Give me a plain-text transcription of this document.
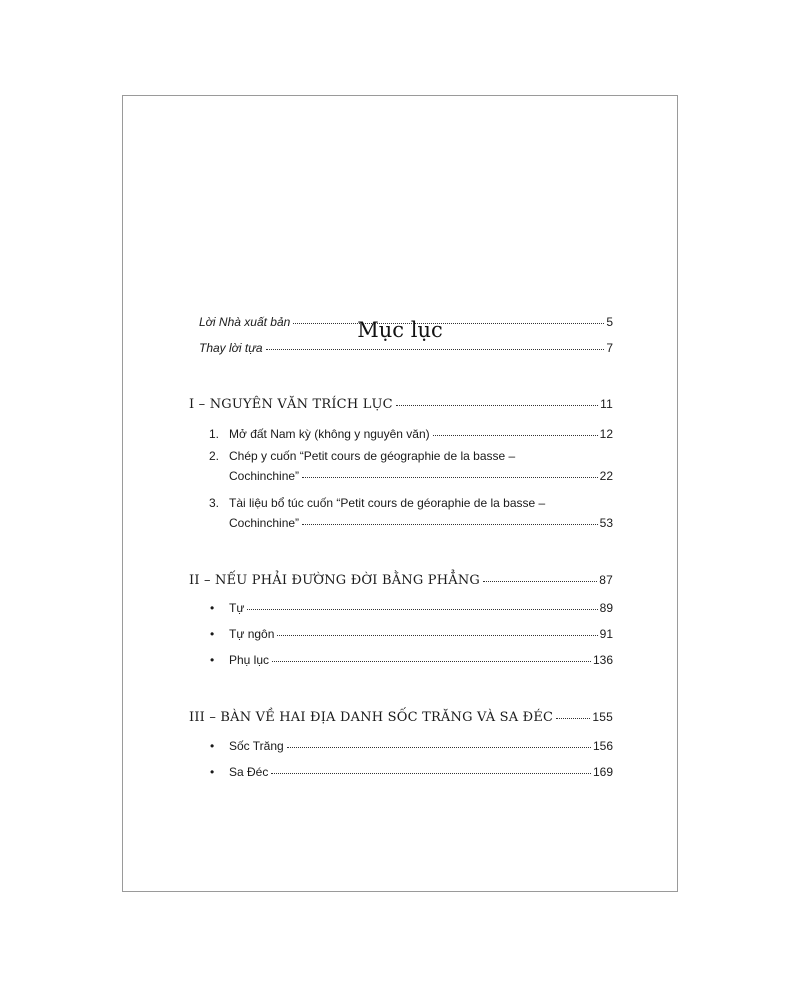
Mục lục
Lời Nhà xuất bản	5
Thay lời tựa	7
I – NGUYÊN VĂN TRÍCH LỤC	11
1. Mở đất Nam kỳ (không y nguyên văn)	12
2. Chép y cuốn “Petit cours de géographie de la basse –
Cochinchine”	22
3. Tài liệu bổ túc cuốn “Petit cours de géoraphie de la basse –
Cochinchine”	53
II – NẾU PHẢI ĐƯỜNG ĐỜI BẰNG PHẲNG	87
• Tự	89
• Tự ngôn	91
• Phụ lục	136
III – BÀN VỀ HAI ĐỊA DANH SỐC TRĂNG VÀ SA ĐÉC	155
• Sốc Trăng	156
• Sa Đéc	169
